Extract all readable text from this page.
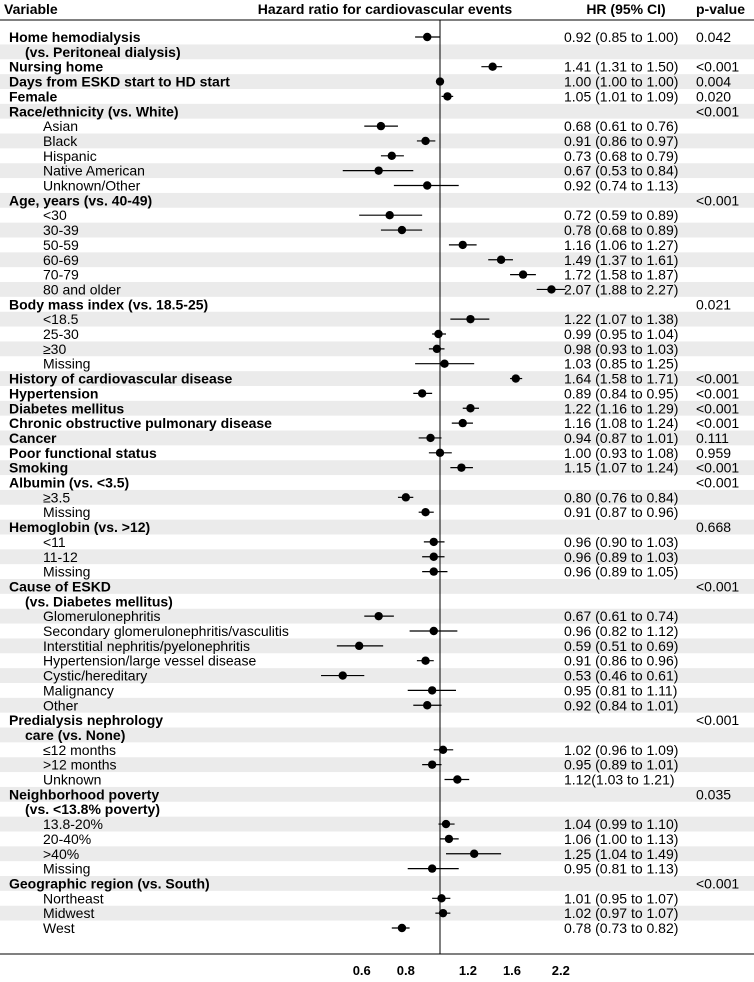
Variable	Hazard ratio for cardiovascular events	HR (95% CI) p-value
Home hemodialysis	0.92 (0.85 to 1.00) 0.042
(vs. Peritoneal dialysis)
Nursing home	1.41 (1.31 to 1.50) <0.001
Days from ESKD start to HD start	1.00 (1.00 to 1.00) 0.004
Female	1.05 (1.01 to 1.09) 0.020
Race/ethnicity (vs. White)	<0.001
Asian	0.68 (0.61 to 0.76)
Black	0.91 (0.86 to 0.97)
Hispanic	0.73 (0.68 to 0.79)
Native American	0.67 (0.53 to 0.84)
Unknown/Other	0.92 (0.74 to 1.13)
Age, years (vs. 40-49)	<0.001
<30	0.72 (0.59 to 0.89)
30-39	0.78 (0.68 to 0.89)
50-59	1.16 (1.06 to 1.27)
60-69	1.49 (1.37 to 1.61)
70-79	1.72 (1.58 to 1.87)
80 and older	2.07 (1.88 to 2.27)
Body mass index (vs. 18.5-25)	0.021
<18.5	1.22 (1.07 to 1.38)
25-30	0.99 (0.95 to 1.04)
≥30	0.98 (0.93 to 1.03)
Missing	1.03 (0.85 to 1.25)
History of cardiovascular disease	1.64 (1.58 to 1.71) <0.001
Hypertension	0.89 (0.84 to 0.95) <0.001
Diabetes mellitus	1.22 (1.16 to 1.29) <0.001
Chronic obstructive pulmonary disease	1.16 (1.08 to 1.24) <0.001
Cancer	0.94 (0.87 to 1.01) 0.111
Poor functional status	1.00 (0.93 to 1.08) 0.959
Smoking	1.15 (1.07 to 1.24) <0.001
Albumin (vs. <3.5)	<0.001
≥3.5	0.80 (0.76 to 0.84)
Missing	0.91 (0.87 to 0.96)
Hemoglobin (vs. >12)	0.668
<11	0.96 (0.90 to 1.03)
11-12	0.96 (0.89 to 1.03)
Missing	0.96 (0.89 to 1.05)
Cause of ESKD	<0.001
(vs. Diabetes mellitus)
Glomerulonephritis	0.67 (0.61 to 0.74)
Secondary glomerulonephritis/vasculitis	0.96 (0.82 to 1.12)
Interstitial nephritis/pyelonephritis	0.59 (0.51 to 0.69)
Hypertension/large vessel disease	0.91 (0.86 to 0.96)
Cystic/hereditary	0.53 (0.46 to 0.61)
Malignancy	0.95 (0.81 to 1.11)
Other	0.92 (0.84 to 1.01)
Predialysis nephrology	<0.001
care (vs. None)
≤12 months	1.02 (0.96 to 1.09)
>12 months	0.95 (0.89 to 1.01)
Unknown	1.12(1.03 to 1.21)
Neighborhood poverty	0.035
(vs. <13.8% poverty)
13.8-20%	1.04 (0.99 to 1.10)
20-40%	1.06 (1.00 to 1.13)
>40%	1.25 (1.04 to 1.49)
Missing	0.95 (0.81 to 1.13)
Geographic region (vs. South)	<0.001
Northeast	1.01 (0.95 to 1.07)
Midwest	1.02 (0.97 to 1.07)
West	0.78 (0.73 to 0.82)
0.6 0.8	1.2 1.6 2.2
